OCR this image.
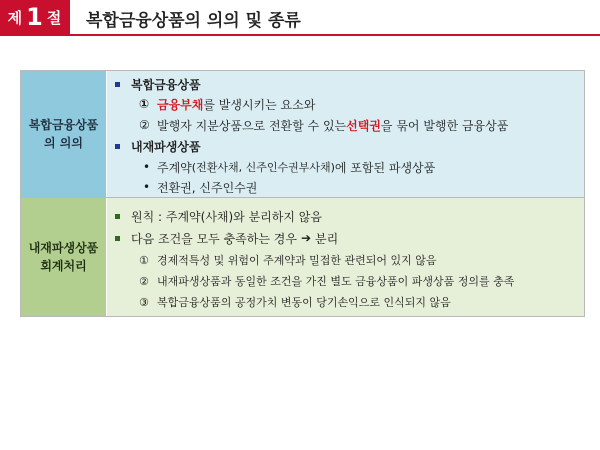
제 1 절 복합금융상품의 의의 및 종류
복합금융상품
의 의의
복합금융상품
① 금융부채 를 발생시키는 요소와
② 발행자 지분상품으로 전환할 수 있는 선택권 을 묶어 발행한 금융상품
내재파생상품
• 주계약 (전환사채, 신주인수권부사채) 에 포함된 파생상품
• 전환권, 신주인수권
내재파생상품
회계처리
원칙 : 주계약(사채)와 분리하지 않음
다음 조건을 모두 충족하는 경우 ➔ 분리
① 경제적특성 및 위험이 주계약과 밀접한 관련되어 있지 않음
② 내재파생상품과 동일한 조건을 가진 별도 금융상품이 파생상품 정의를 충족
③ 복합금융상품의 공정가치 변동이 당기손익으로 인식되지 않음
